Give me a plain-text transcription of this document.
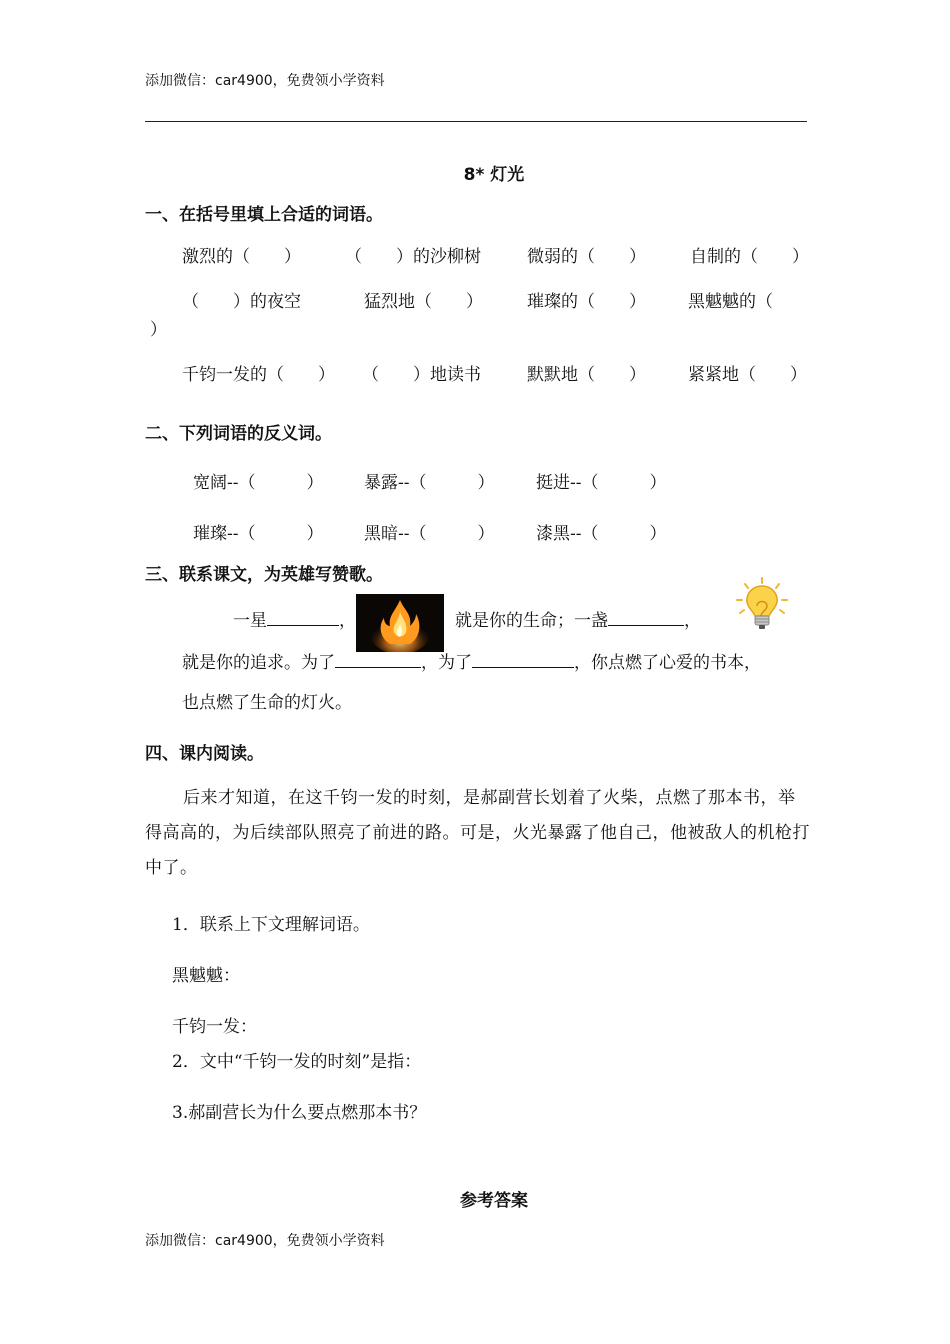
添加微信：car4900，免费领小学资料
8* 灯光
一、在括号里填上合适的词语。
激烈的（　　）	（　　）的沙柳树	微弱的（　　）	自制的（　　）
（　　）的夜空	猛烈地（　　）	璀璨的（　　） 黑魆魆的（
）
千钧一发的（　　） （　　）地读书	默默地（　　） 紧紧地（　　）
二、下列词语的反义词。
宽阔--（　　　） 暴露--（　　　） 挺进--（　　　）
璀璨--（　　　） 黑暗--（　　　） 漆黑--（　　　）
三、联系课文，为英雄写赞歌。
一星	，	就是你的生命；一盏	，
就是你的追求。为了	，为了	，你点燃了心爱的书本，
也点燃了生命的灯火。
四、课内阅读。
后来才知道，在这千钧一发的时刻，是郝副营长划着了火柴，点燃了那本书，举得高高的，为后续部队照亮了前进的路。可是，火光暴露了他自己，他被敌人的机枪打中了。
1．联系上下文理解词语。
黑魆魆：
千钧一发：
2．文中“千钧一发的时刻”是指：
3.郝副营长为什么要点燃那本书？
参考答案
添加微信：car4900，免费领小学资料
